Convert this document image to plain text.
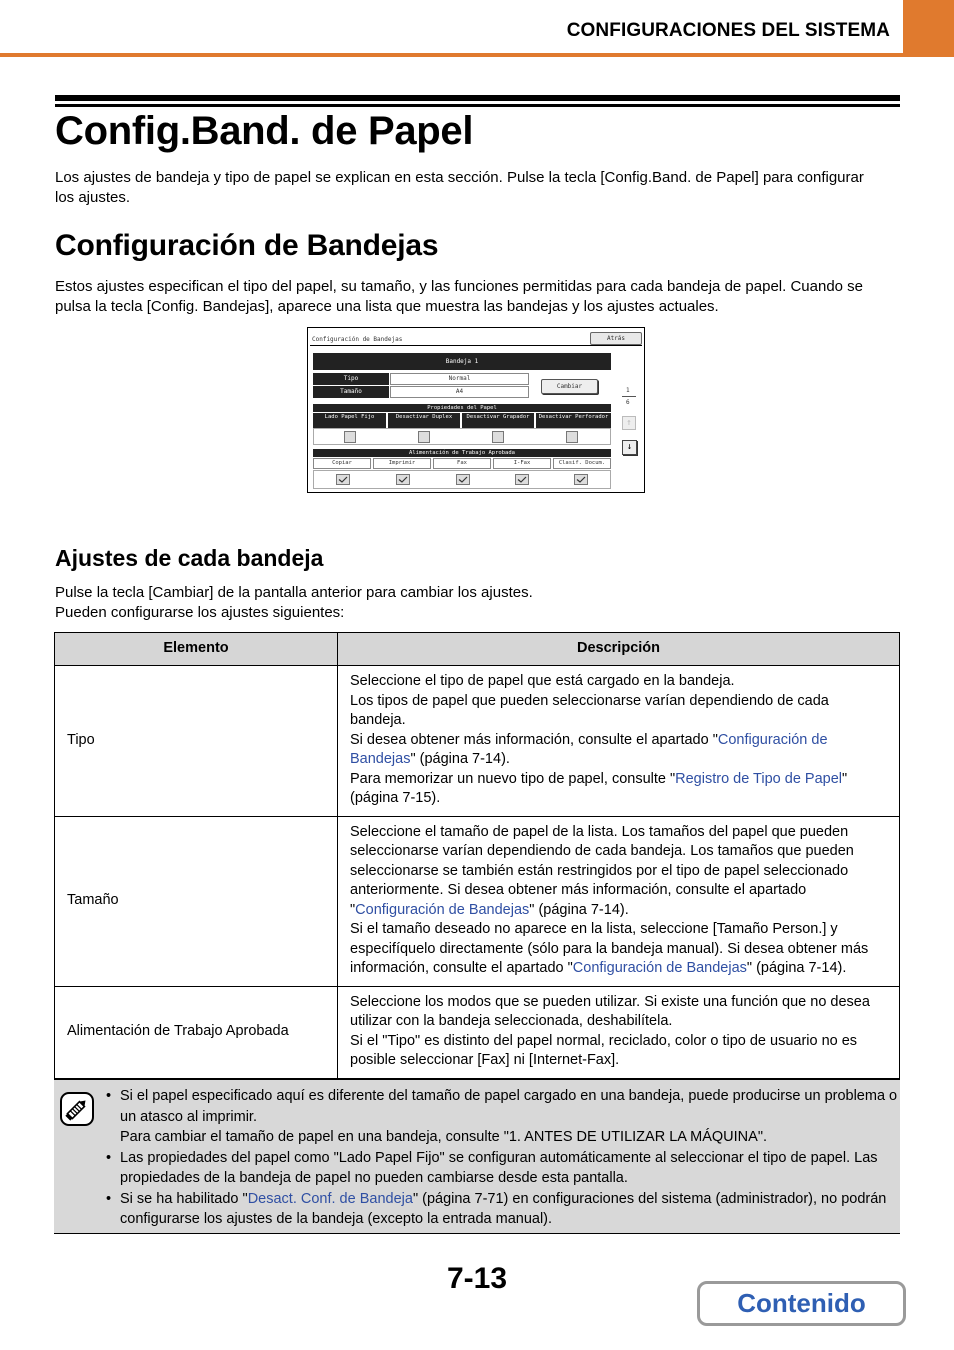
CONFIGURACIONES DEL SISTEMA
Config.Band. de Papel

Los ajustes de bandeja y tipo de papel se explican en esta sección. Pulse la tecla [Config.Band. de Papel] para configurar los ajustes.

Configuración de Bandejas

Estos ajustes especifican el tipo del papel, su tamaño, y las funciones permitidas para cada bandeja de papel. Cuando se pulsa la tecla [Config. Bandejas], aparece una lista que muestra las bandejas y los ajustes actuales.

Configuración de Bandejas	Atrás
Bandeja 1
Tipo	Normal
Tamaño	A4
Cambiar
1
6
↑
↓
Propiedades del Papel
Lado Papel Fijo	Desactivar Duplex	Desactivar Grapador	Desactivar Perforador
Alimentación de Trabajo Aprobada
Copiar	Imprimir	Fax	I-Fax	Clasif. Docum.
Ajustes de cada bandeja

Pulse la tecla [Cambiar] de la pantalla anterior para cambiar los ajustes.

Pueden configurarse los ajustes siguientes:

Elemento	Descripción
Tipo	Seleccione el tipo de papel que está cargado en la bandeja.
Los tipos de papel que pueden seleccionarse varían dependiendo de cada bandeja.
Si desea obtener más información, consulte el apartado "Configuración de Bandejas" (página 7-14).
Para memorizar un nuevo tipo de papel, consulte "Registro de Tipo de Papel" (página 7-15).
Tamaño	Seleccione el tamaño de papel de la lista. Los tamaños del papel que pueden seleccionarse varían dependiendo de cada bandeja. Los tamaños que pueden seleccionarse se también están restringidos por el tipo de papel seleccionado anteriormente. Si desea obtener más información, consulte el apartado "Configuración de Bandejas" (página 7-14).
Si el tamaño deseado no aparece en la lista, seleccione [Tamaño Person.] y especifíquelo directamente (sólo para la bandeja manual). Si desea obtener más información, consulte el apartado "Configuración de Bandejas" (página 7-14).
Alimentación de Trabajo Aprobada	Seleccione los modos que se pueden utilizar. Si existe una función que no desea utilizar con la bandeja seleccionada, deshabilítela.
Si el "Tipo" es distinto del papel normal, reciclado, color o tipo de usuario no es posible seleccionar [Fax] ni [Internet-Fax].
• Si el papel especificado aquí es diferente del tamaño de papel cargado en una bandeja, puede producirse un problema o un atasco al imprimir.
Para cambiar el tamaño de papel en una bandeja, consulte "1. ANTES DE UTILIZAR LA MÁQUINA".
• Las propiedades del papel como "Lado Papel Fijo" se configuran automáticamente al seleccionar el tipo de papel. Las propiedades de la bandeja de papel no pueden cambiarse desde esta pantalla.
• Si se ha habilitado "Desact. Conf. de Bandeja" (página 7-71) en configuraciones del sistema (administrador), no podrán configurarse los ajustes de la bandeja (excepto la entrada manual).
7-13
Contenido
